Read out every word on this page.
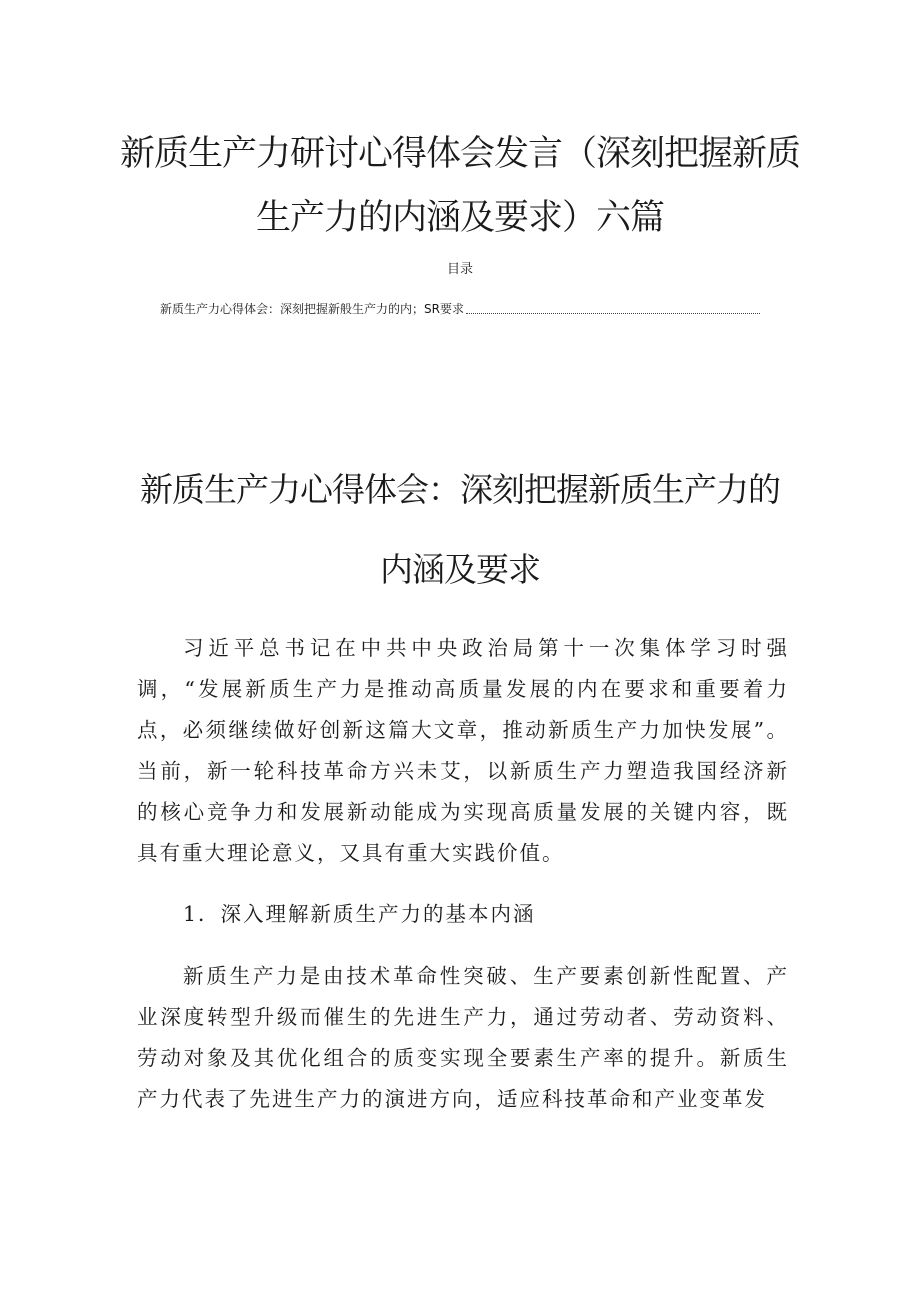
新质生产力研讨心得体会发言（深刻把握新质生产力的内涵及要求）六篇
目录
新质生产力心得体会：深刻把握新般生产力的内；SR要求
新质生产力心得体会：深刻把握新质生产力的内涵及要求

习近平总书记在中共中央政治局第十一次集体学习时强调，“发展新质生产力是推动高质量发展的内在要求和重要着力点，必须继续做好创新这篇大文章，推动新质生产力加快发展”。当前，新一轮科技革命方兴未艾，以新质生产力塑造我国经济新的核心竞争力和发展新动能成为实现高质量发展的关键内容，既具有重大理论意义，又具有重大实践价值。

1．深入理解新质生产力的基本内涵

新质生产力是由技术革命性突破、生产要素创新性配置、产业深度转型升级而催生的先进生产力，通过劳动者、劳动资料、劳动对象及其优化组合的质变实现全要素生产率的提升。新质生产力代表了先进生产力的演进方向，适应科技革命和产业变革发
